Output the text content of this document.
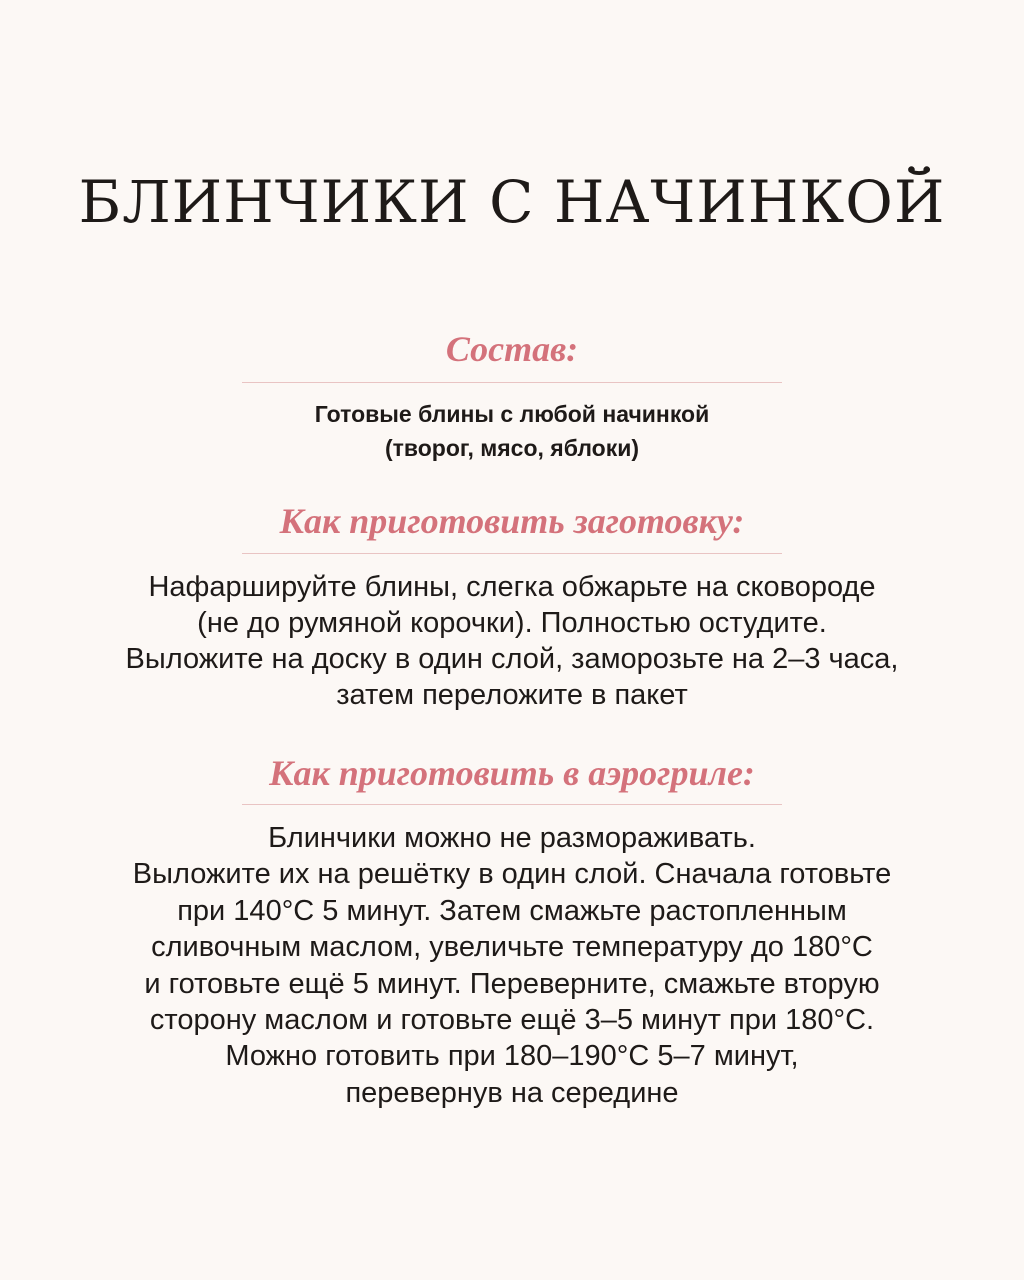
БЛИНЧИКИ С НАЧИНКОЙ
Состав:

Готовые блины с любой начинкой
(творог, мясо, яблоки)

Как приготовить заготовку:

Нафаршируйте блины, слегка обжарьте на сковороде
(не до румяной корочки). Полностью остудите.
Выложите на доску в один слой, заморозьте на 2–3 часа,
затем переложите в пакет

Как приготовить в аэрогриле:

Блинчики можно не размораживать.
Выложите их на решётку в один слой. Сначала готовьте
при 140°С 5 минут. Затем смажьте растопленным
сливочным маслом, увеличьте температуру до 180°С
и готовьте ещё 5 минут. Переверните, смажьте вторую
сторону маслом и готовьте ещё 3–5 минут при 180°С.
Можно готовить при 180–190°С 5–7 минут,
перевернув на середине
